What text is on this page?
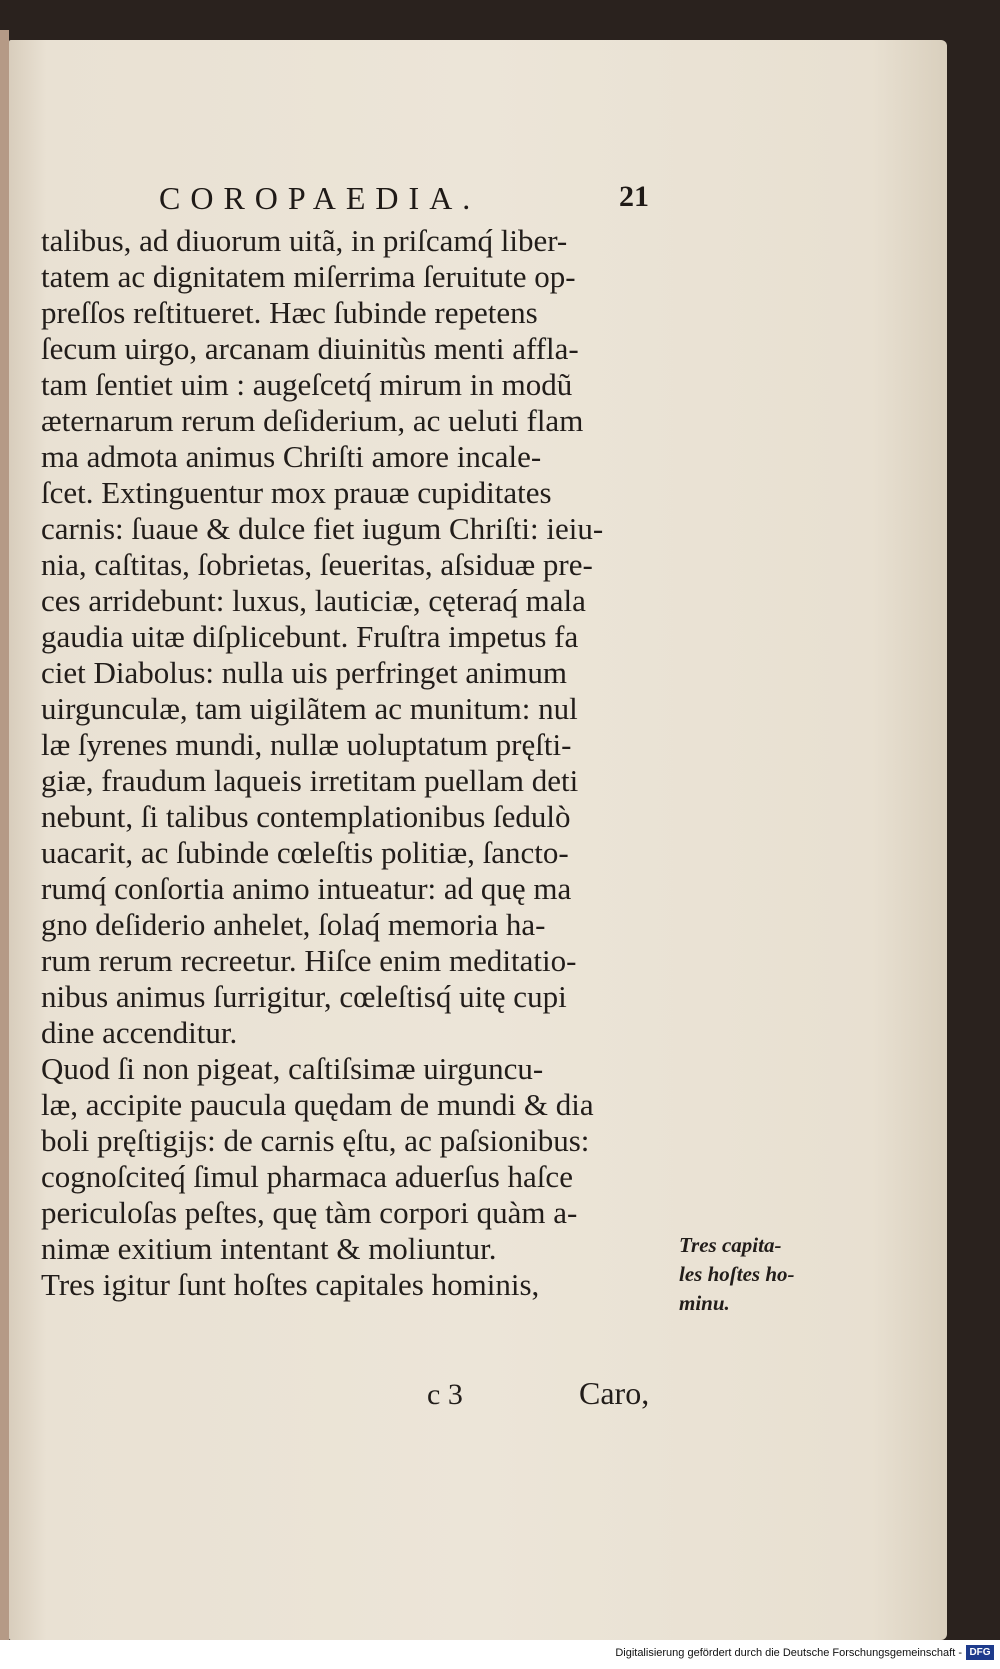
COROPAEDIA.	21
talibus, ad diuorum uitã, in priſcamq́ liber-
tatem ac dignitatem miſerrima ſeruitute op-
preſſos reſtitueret. Hæc ſubinde repetens
ſecum uirgo, arcanam diuinitùs menti affla-
tam ſentiet uim : augeſcetq́ mirum in modũ
æternarum rerum deſiderium, ac ueluti flam
ma admota animus Chriſti amore incale-
ſcet. Extinguentur mox prauæ cupiditates
carnis: ſuaue & dulce fiet iugum Chriſti: ieiu-
nia, caſtitas, ſobrietas, ſeueritas, aſsiduæ pre-
ces arridebunt: luxus, lauticiæ, cęteraq́ mala
gaudia uitæ diſplicebunt. Fruſtra impetus fa
ciet Diabolus: nulla uis perfringet animum
uirgunculæ, tam uigilãtem ac munitum: nul
læ ſyrenes mundi, nullæ uoluptatum pręſti-
giæ, fraudum laqueis irretitam puellam deti
nebunt, ſi talibus contemplationibus ſedulò
uacarit, ac ſubinde cœleſtis politiæ, ſancto-
rumq́ conſortia animo intueatur: ad quę ma
gno deſiderio anhelet, ſolaq́ memoria ha-
rum rerum recreetur. Hiſce enim meditatio-
nibus animus ſurrigitur, cœleſtisq́ uitę cupi
dine accenditur.
Quod ſi non pigeat, caſtiſsimæ uirguncu-
læ, accipite paucula quędam de mundi & dia
boli pręſtigijs: de carnis ęſtu, ac paſsionibus:
cognoſciteq́ ſimul pharmaca aduerſus haſce
periculoſas peſtes, quę tàm corpori quàm a-
nimæ exitium intentant & moliuntur.
Tres igitur ſunt hoſtes capitales hominis,
c 3	Caro,
Tres capita-
les hoſtes ho-
minu.
Digitalisierung gefördert durch die Deutsche Forschungsgemeinschaft - DFG
